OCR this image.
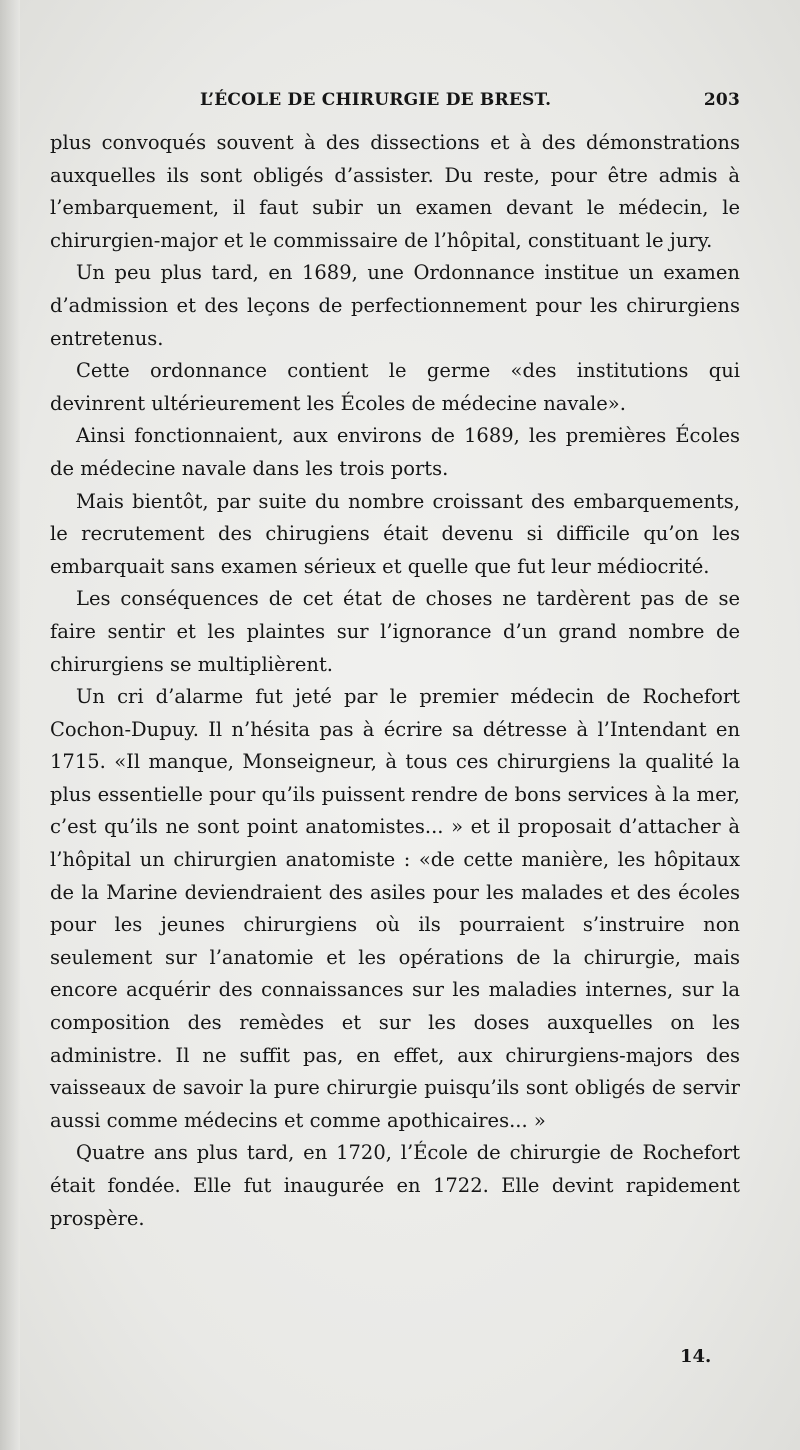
L’ÉCOLE DE CHIRURGIE DE BREST.	203

plus convoqués souvent à des dissections et à des démonstrations auxquelles ils sont obligés d’assister. Du reste, pour être admis à l’embarquement, il faut subir un examen devant le médecin, le chirurgien-major et le commissaire de l’hôpital, constituant le jury.

Un peu plus tard, en 1689, une Ordonnance institue un examen d’admission et des leçons de perfectionnement pour les chirurgiens entretenus.

Cette ordonnance contient le germe «des institutions qui devinrent ultérieurement les Écoles de médecine navale».

Ainsi fonctionnaient, aux environs de 1689, les premières Écoles de médecine navale dans les trois ports.

Mais bientôt, par suite du nombre croissant des embarquements, le recrutement des chirugiens était devenu si difficile qu’on les embarquait sans examen sérieux et quelle que fut leur médiocrité.

Les conséquences de cet état de choses ne tardèrent pas de se faire sentir et les plaintes sur l’ignorance d’un grand nombre de chirurgiens se multiplièrent.

Un cri d’alarme fut jeté par le premier médecin de Rochefort Cochon-Dupuy. Il n’hésita pas à écrire sa détresse à l’Intendant en 1715. «Il manque, Monseigneur, à tous ces chirurgiens la qualité la plus essentielle pour qu’ils puissent rendre de bons services à la mer, c’est qu’ils ne sont point anatomistes... » et il proposait d’attacher à l’hôpital un chirurgien anatomiste : «de cette manière, les hôpitaux de la Marine deviendraient des asiles pour les malades et des écoles pour les jeunes chirurgiens où ils pourraient s’instruire non seulement sur l’anatomie et les opérations de la chirurgie, mais encore acquérir des connaissances sur les maladies internes, sur la composition des remèdes et sur les doses auxquelles on les administre. Il ne suffit pas, en effet, aux chirurgiens-majors des vaisseaux de savoir la pure chirurgie puisqu’ils sont obligés de servir aussi comme médecins et comme apothicaires... »

Quatre ans plus tard, en 1720, l’École de chirurgie de Rochefort était fondée. Elle fut inaugurée en 1722. Elle devint rapidement prospère.

14.
